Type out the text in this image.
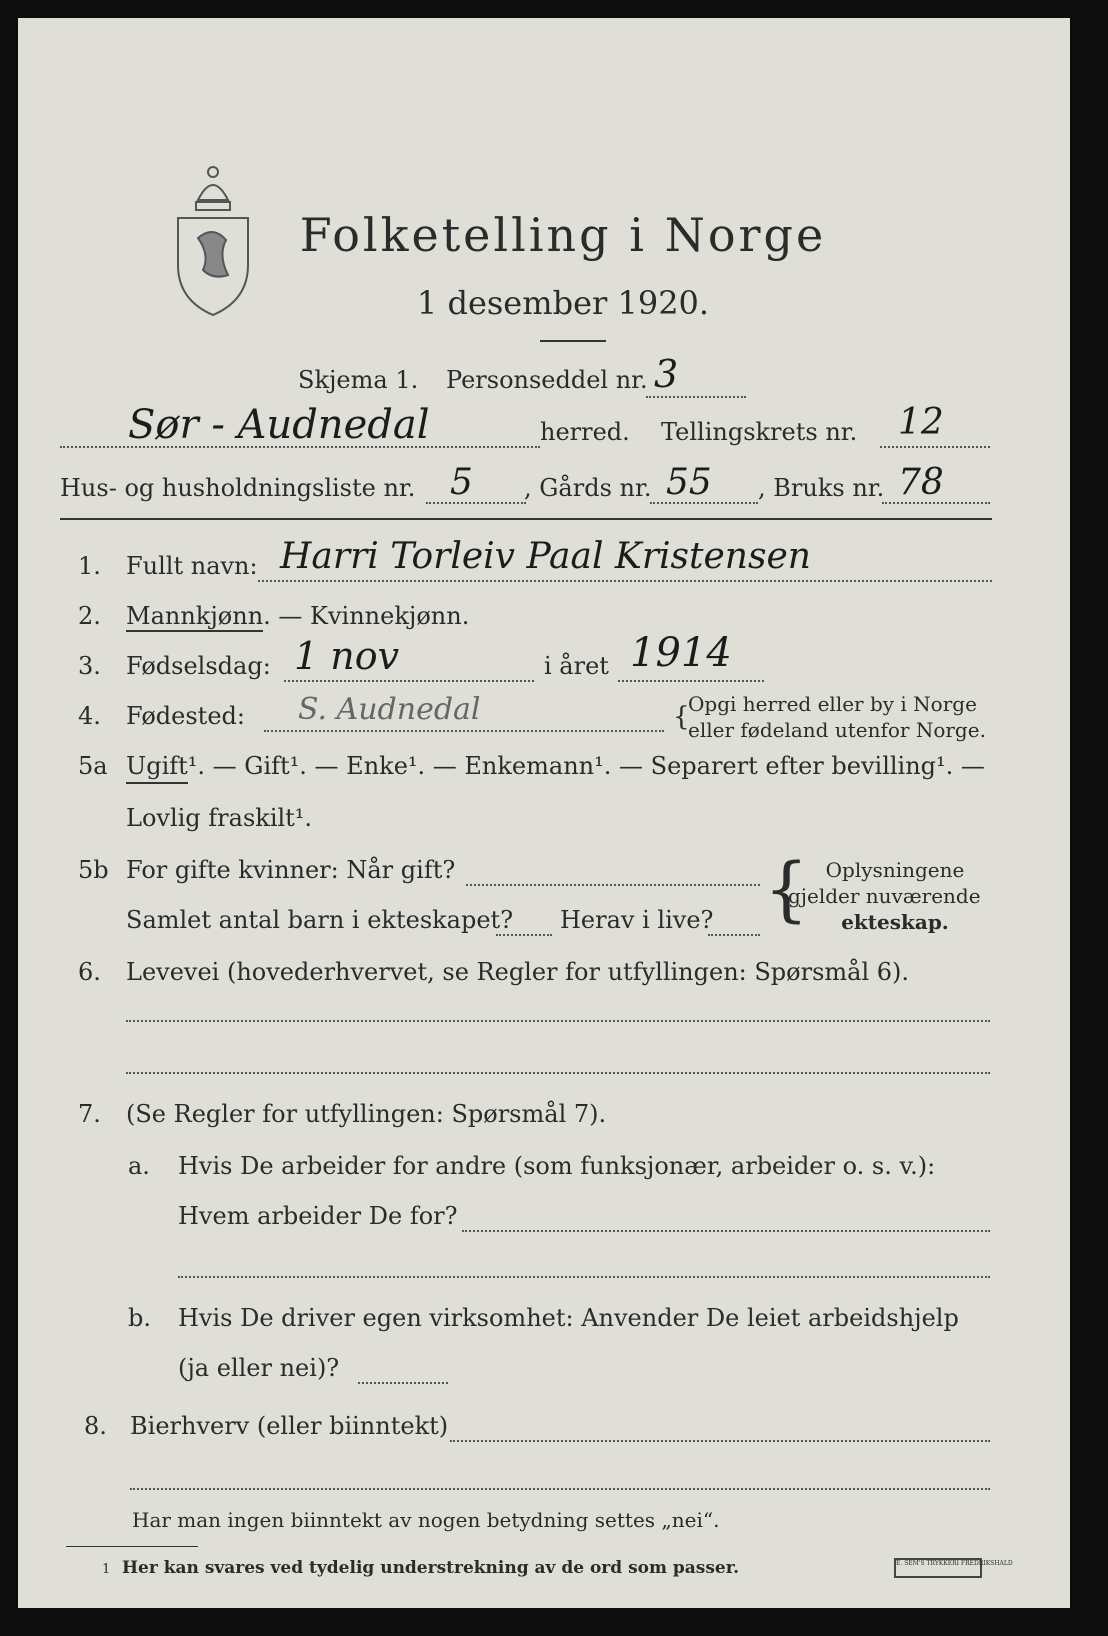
Folketelling i Norge
1 desember 1920.
Skjema 1. Personseddel nr. 3
Sør - Audnedal	herred. Tellingskrets nr. 12
Hus- og husholdningsliste nr. 5 , Gårds nr. 55 , Bruks nr. 78
1. Fullt navn: Harri Torleiv Paal Kristensen
2. Mannkjønn. — Kvinnekjønn.
3. Fødselsdag: 1 nov	i året 1914
4. Fødested: S. Audnedal	{
Opgi herred eller by i Norge
eller fødeland utenfor Norge.
5a Ugift¹. — Gift¹. — Enke¹. — Enkemann¹. — Separert efter bevilling¹. —
Lovlig fraskilt¹.
5b For gifte kvinner: Når gift?
Samlet antal barn i ekteskapet? Herav i live? { Oplysningene
gjelder nuværende
ekteskap.
6. Levevei (hovederhvervet, se Regler for utfyllingen: Spørsmål 6).
7. (Se Regler for utfyllingen: Spørsmål 7).
a. Hvis De arbeider for andre (som funksjonær, arbeider o. s. v.):
Hvem arbeider De for?
b. Hvis De driver egen virksomhet: Anvender De leiet arbeidshjelp
(ja eller nei)?
8. Bierhverv (eller biinntekt)
Har man ingen biinntekt av nogen betydning settes „nei“.
1 Her kan svares ved tydelig understrekning av de ord som passer.	E. SEM'S TRYKKERI FREDRIKSHALD
